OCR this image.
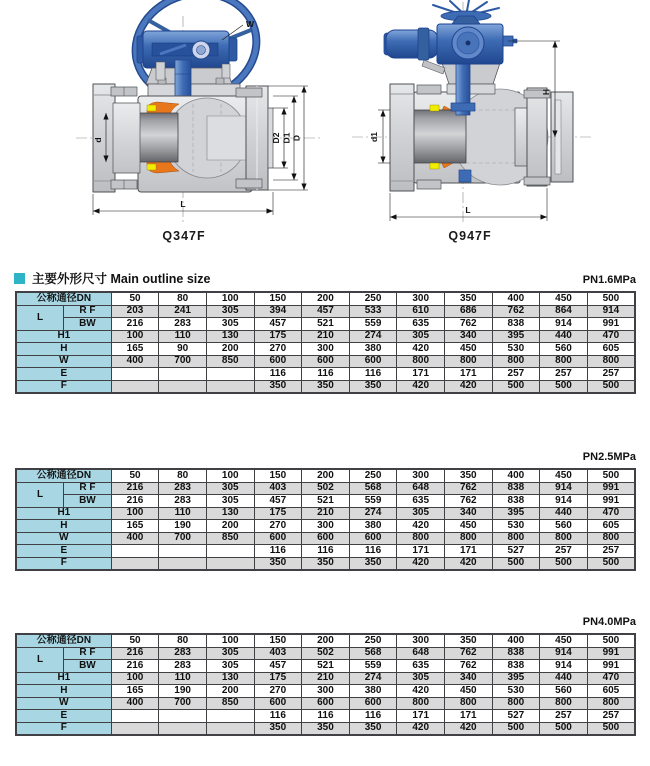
W
d	D2 D1 D
L
Q347F
d1
H
L
Q947F
主要外形尺寸 Main outline size	PN1.6MPa
公称通径DN		50	80	100	150	200	250	300	350	400	450	500
L	R F	203	241	305	394	457	533	610	686	762	864	914
	BW	216	283	305	457	521	559	635	762	838	914	991
H1		100	110	130	175	210	274	305	340	395	440	470
H		165	90	200	270	300	380	420	450	530	560	605
W		400	700	850	600	600	600	800	800	800	800	800
E					116	116	116	171	171	257	257	257
F					350	350	350	420	420	500	500	500
PN2.5MPa
公称通径DN		50	80	100	150	200	250	300	350	400	450	500
L	R F	216	283	305	403	502	568	648	762	838	914	991
	BW	216	283	305	457	521	559	635	762	838	914	991
H1		100	110	130	175	210	274	305	340	395	440	470
H		165	190	200	270	300	380	420	450	530	560	605
W		400	700	850	600	600	600	800	800	800	800	800
E					116	116	116	171	171	527	257	257
F					350	350	350	420	420	500	500	500
PN4.0MPa
公称通径DN		50	80	100	150	200	250	300	350	400	450	500
L	R F	216	283	305	403	502	568	648	762	838	914	991
	BW	216	283	305	457	521	559	635	762	838	914	991
H1		100	110	130	175	210	274	305	340	395	440	470
H		165	190	200	270	300	380	420	450	530	560	605
W		400	700	850	600	600	600	800	800	800	800	800
E					116	116	116	171	171	527	257	257
F					350	350	350	420	420	500	500	500
